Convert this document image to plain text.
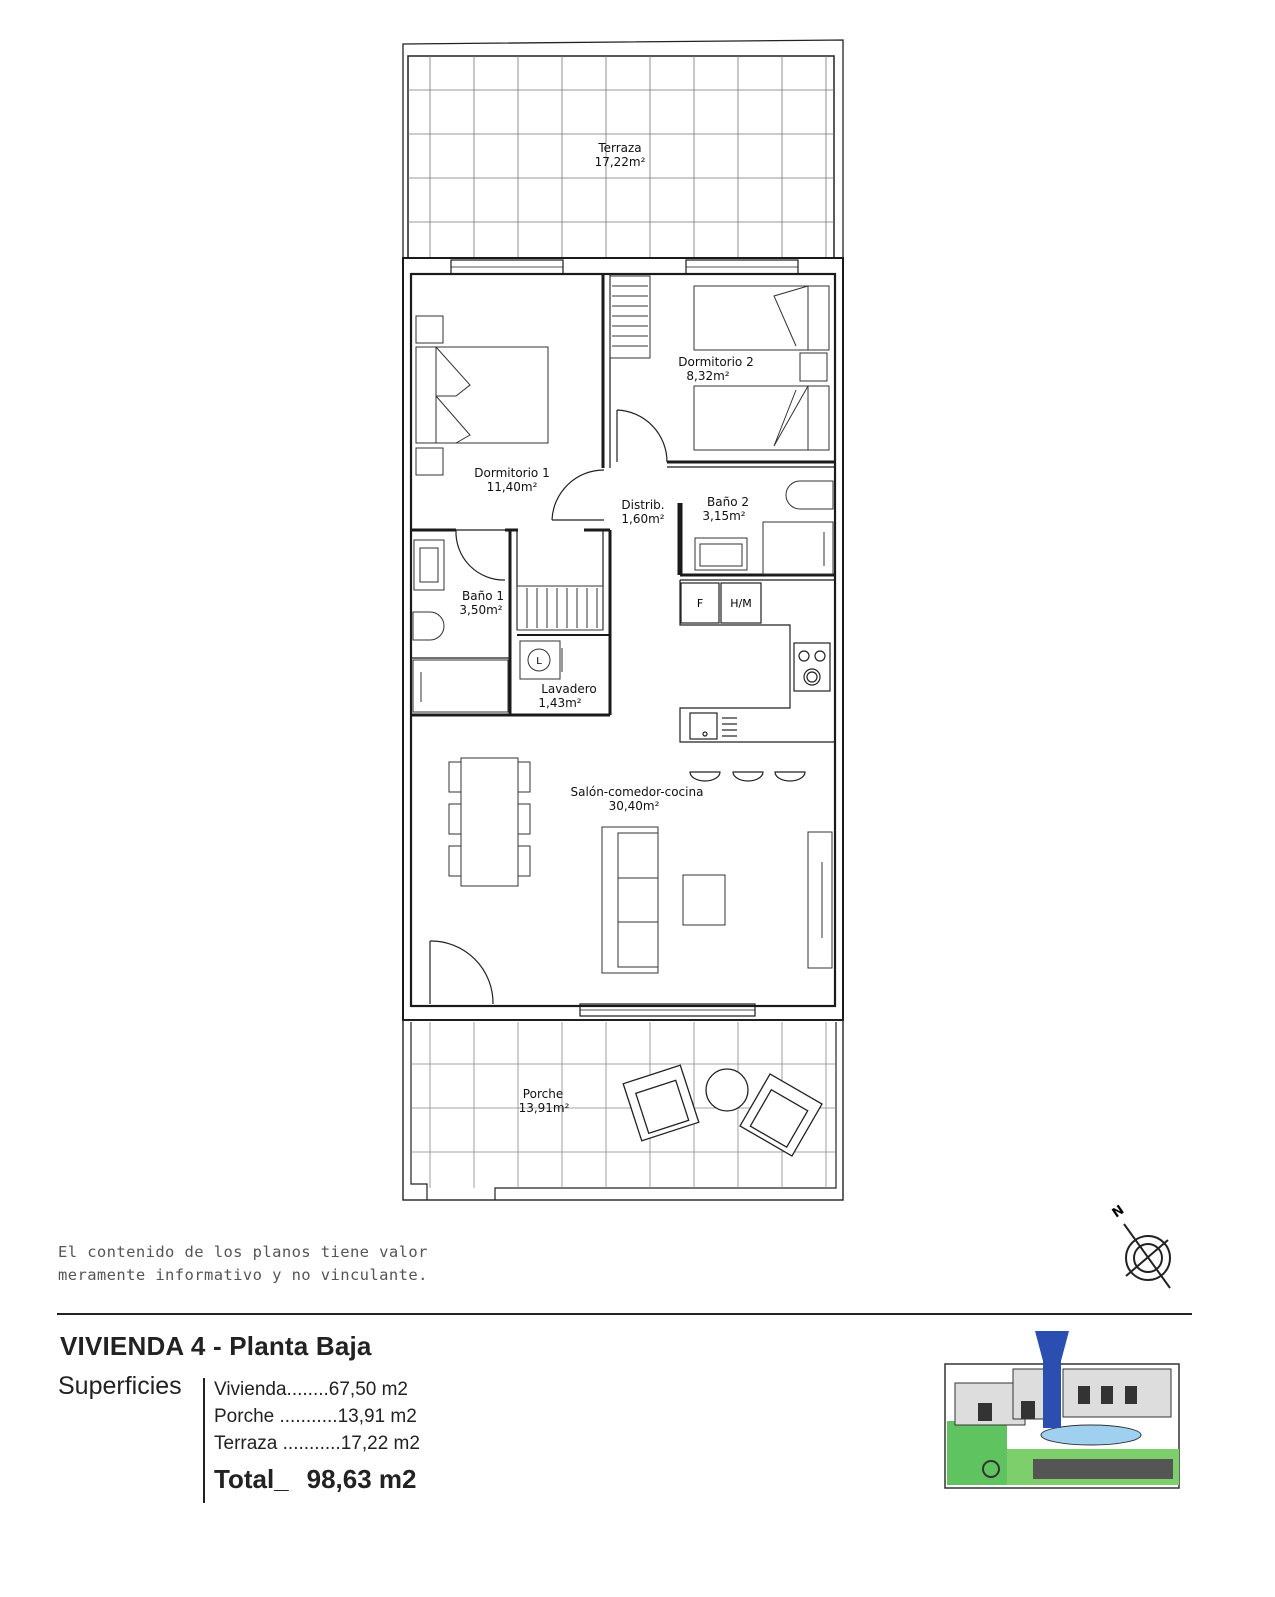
Terraza
17,22m²
Dormitorio 2
8,32m²
Dormitorio 1
11,40m²
Distrib.
1,60m²
Baño 2
3,15m²
Baño 1
3,50m²
Lavadero
1,43m²
Salón-comedor-cocina
30,40m²
Porche
13,91m²
F H/M
L
N
El contenido de los planos tiene valor
meramente informativo y no vinculante.
VIVIENDA 4 - Planta Baja
Superficies Vivienda........67,50 m2
Porche ...........13,91 m2
Terraza ...........17,22 m2
Total_ 98,63 m2
